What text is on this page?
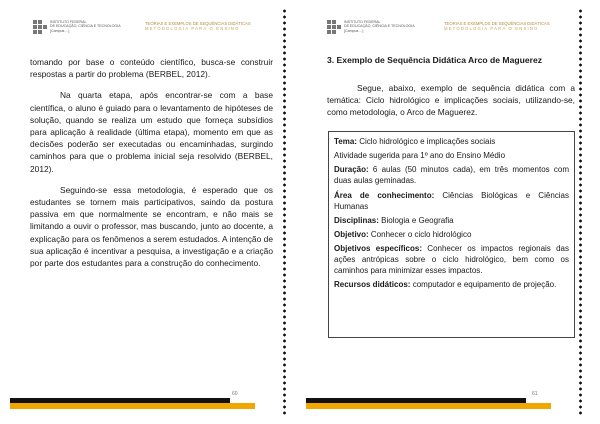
INSTITUTO FEDERAL
DE EDUCAÇÃO, CIÊNCIA E TECNOLOGIA
[Campus ...]
TEORIAS E EXEMPLOS DE SEQUÊNCIAS DIDÁTICAS
METODOLOGIA PARA O ENSINO

tomando por base o conteúdo científico, busca-se construir respostas a partir do problema (BERBEL, 2012).

Na quarta etapa, após encontrar-se com a base científica, o aluno é guiado para o levantamento de hipóteses de solução, quando se realiza um estudo que forneça subsídios para aplicação à realidade (última etapa), momento em que as decisões poderão ser executadas ou encaminhadas, surgindo caminhos para que o problema inicial seja resolvido (BERBEL, 2012).

Seguindo-se essa metodologia, é esperado que os estudantes se tornem mais participativos, saindo da postura passiva em que normalmente se encontram, e não mais se limitando a ouvir o professor, mas buscando, junto ao docente, a explicação para os fenômenos a serem estudados. A intenção de sua aplicação é incentivar a pesquisa, a investigação e a criação por parte dos estudantes para a construção do conhecimento.

60
INSTITUTO FEDERAL
DE EDUCAÇÃO, CIÊNCIA E TECNOLOGIA
[Campus ...]
TEORIAS E EXEMPLOS DE SEQUÊNCIAS DIDÁTICAS
METODOLOGIA PARA O ENSINO
3. Exemplo de Sequência Didática Arco de Maguerez

Segue, abaixo, exemplo de sequência didática com a temática: Ciclo hidrológico e implicações sociais, utilizando-se, como metodologia, o Arco de Maguerez.

Tema: Ciclo hidrológico e implicações sociais
Atividade sugerida para 1º ano do Ensino Médio
Duração: 6 aulas (50 minutos cada), em três momentos com duas aulas geminadas.
Área de conhecimento: Ciências Biológicas e Ciências Humanas
Disciplinas: Biologia e Geografia
Objetivo: Conhecer o ciclo hidrológico
Objetivos específicos: Conhecer os impactos regionais das ações antrópicas sobre o ciclo hidrológico, bem como os caminhos para minimizar esses impactos.
Recursos didáticos: computador e equipamento de projeção.
61
